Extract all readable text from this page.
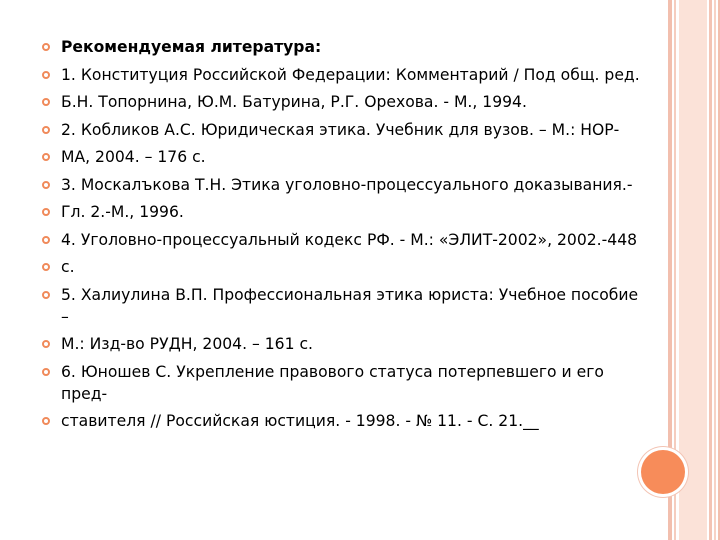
Рекомендуемая литература:
1. Конституция Российской Федерации: Комментарий / Под общ. ред.
Б.Н. Топорнина, Ю.М. Батурина, Р.Г. Орехова. - М., 1994.
2. Кобликов А.С. Юридическая этика. Учебник для вузов. – М.: НОР-
МА, 2004. – 176 с.
3. Москалъкова Т.Н. Этика уголовно-процессуального доказывания.-
Гл. 2.-М., 1996.
4. Уголовно-процессуальный кодекс РФ. - М.: «ЭЛИТ-2002», 2002.-448
с.
5. Халиулина В.П. Профессиональная этика юриста: Учебное пособие –
М.: Изд-во РУДН, 2004. – 161 с.
6. Юношев С. Укрепление правового статуса потерпевшего и его пред-
ставителя // Российская юстиция. - 1998. - № 11. - С. 21.__
